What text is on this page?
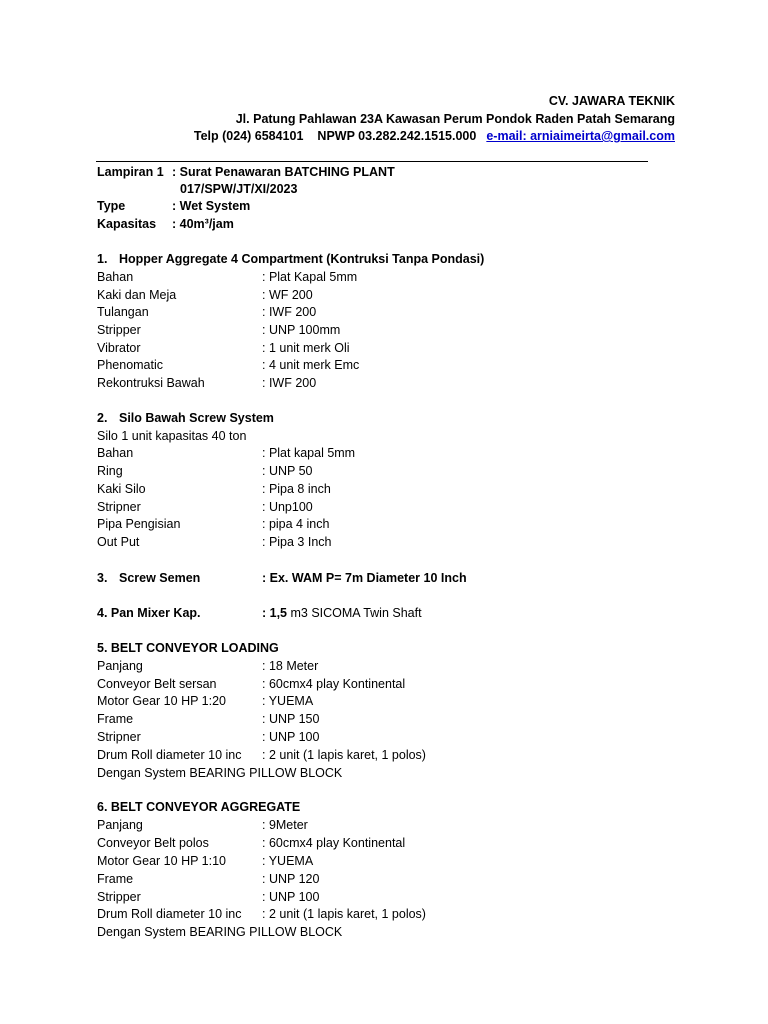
CV. JAWARA TEKNIK
Jl. Patung Pahlawan 23A Kawasan Perum Pondok Raden Patah Semarang
Telp (024) 6584101 NPWP 03.282.242.1515.000 e-mail: arniaimeirta@gmail.com
Lampiran 1 : Surat Penawaran BATCHING PLANT
017/SPW/JT/XI/2023
Type	: Wet System
Kapasitas : 40m³/jam
1. Hopper Aggregate 4 Compartment (Kontruksi Tanpa Pondasi)
Bahan	: Plat Kapal 5mm
Kaki dan Meja	: WF 200
Tulangan	: IWF 200
Stripper	: UNP 100mm
Vibrator	: 1 unit merk Oli
Phenomatic	: 4 unit merk Emc
Rekontruksi Bawah	: IWF 200
2. Silo Bawah Screw System
Silo 1 unit kapasitas 40 ton
Bahan	: Plat kapal 5mm
Ring	: UNP 50
Kaki Silo	: Pipa 8 inch
Stripner	: Unp100
Pipa Pengisian	: pipa 4 inch
Out Put	: Pipa 3 Inch
3. Screw Semen	: Ex. WAM P= 7m Diameter 10 Inch
4. Pan Mixer Kap.	: 1,5 m3 SICOMA Twin Shaft
5. BELT CONVEYOR LOADING
Panjang	: 18 Meter
Conveyor Belt sersan	: 60cmx4 play Kontinental
Motor Gear 10 HP 1:20	: YUEMA
Frame	: UNP 150
Stripner	: UNP 100
Drum Roll diameter 10 inc : 2 unit (1 lapis karet, 1 polos)
Dengan System BEARING PILLOW BLOCK
6. BELT CONVEYOR AGGREGATE
Panjang	: 9Meter
Conveyor Belt polos	: 60cmx4 play Kontinental
Motor Gear 10 HP 1:10	: YUEMA
Frame	: UNP 120
Stripper	: UNP 100
Drum Roll diameter 10 inc : 2 unit (1 lapis karet, 1 polos)
Dengan System BEARING PILLOW BLOCK
